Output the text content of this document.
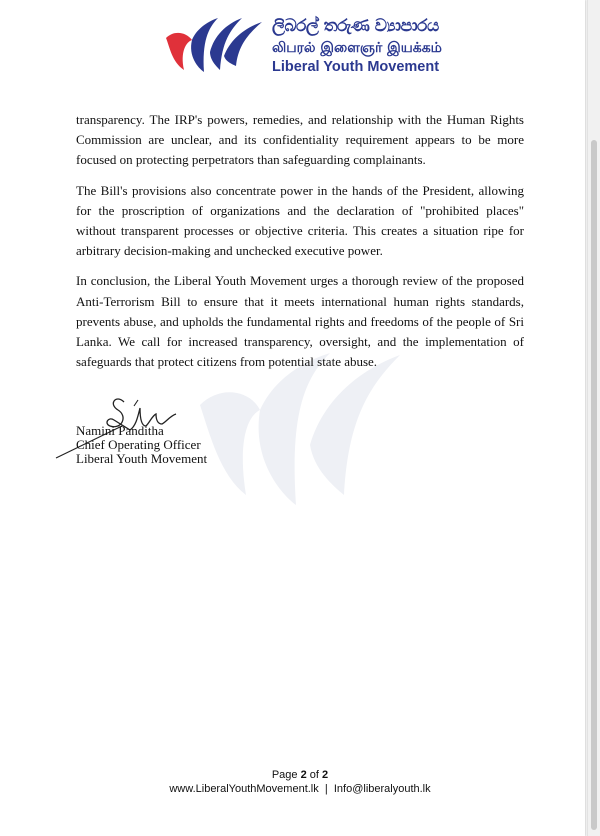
ලිබරල් තරුණ ව්‍යාපාරය
லிபரல் இளைஞர் இயக்கம்
Liberal Youth Movement

transparency. The IRP's powers, remedies, and relationship with the Human Rights Commission are unclear, and its confidentiality requirement appears to be more focused on protecting perpetrators than safeguarding complainants.

The Bill's provisions also concentrate power in the hands of the President, allowing for the proscription of organizations and the declaration of "prohibited places" without transparent processes or objective criteria. This creates a situation ripe for arbitrary decision-making and unchecked executive power.

In conclusion, the Liberal Youth Movement urges a thorough review of the proposed Anti-Terrorism Bill to ensure that it meets international human rights standards, prevents abuse, and upholds the fundamental rights and freedoms of the people of Sri Lanka. We call for increased transparency, oversight, and the implementation of safeguards that protect citizens from potential state abuse.

Namini Panditha
Chief Operating Officer
Liberal Youth Movement
Page 2 of 2
www.LiberalYouthMovement.lk  |  Info@liberalyouth.lk
